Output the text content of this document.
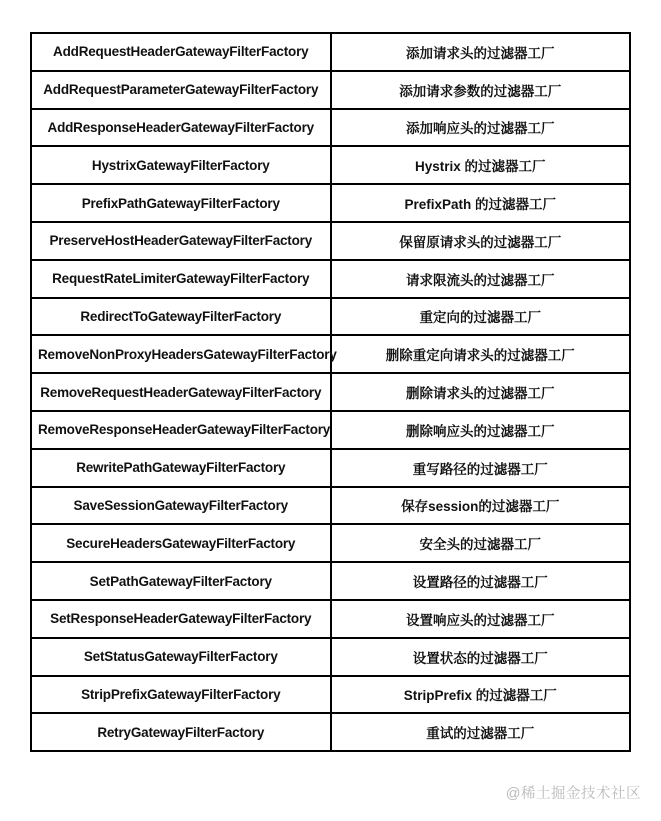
AddRequestHeaderGatewayFilterFactory	添加请求头的过滤器工厂
AddRequestParameterGatewayFilterFactory	添加请求参数的过滤器工厂
AddResponseHeaderGatewayFilterFactory	添加响应头的过滤器工厂
HystrixGatewayFilterFactory	Hystrix 的过滤器工厂
PrefixPathGatewayFilterFactory	PrefixPath 的过滤器工厂
PreserveHostHeaderGatewayFilterFactory	保留原请求头的过滤器工厂
RequestRateLimiterGatewayFilterFactory	请求限流头的过滤器工厂
RedirectToGatewayFilterFactory	重定向的过滤器工厂
RemoveNonProxyHeadersGatewayFilterFactory	删除重定向请求头的过滤器工厂
RemoveRequestHeaderGatewayFilterFactory	删除请求头的过滤器工厂
RemoveResponseHeaderGatewayFilterFactory	删除响应头的过滤器工厂
RewritePathGatewayFilterFactory	重写路径的过滤器工厂
SaveSessionGatewayFilterFactory	保存session的过滤器工厂
SecureHeadersGatewayFilterFactory	安全头的过滤器工厂
SetPathGatewayFilterFactory	设置路径的过滤器工厂
SetResponseHeaderGatewayFilterFactory	设置响应头的过滤器工厂
SetStatusGatewayFilterFactory	设置状态的过滤器工厂
StripPrefixGatewayFilterFactory	StripPrefix 的过滤器工厂
RetryGatewayFilterFactory	重试的过滤器工厂
@稀土掘金技术社区
